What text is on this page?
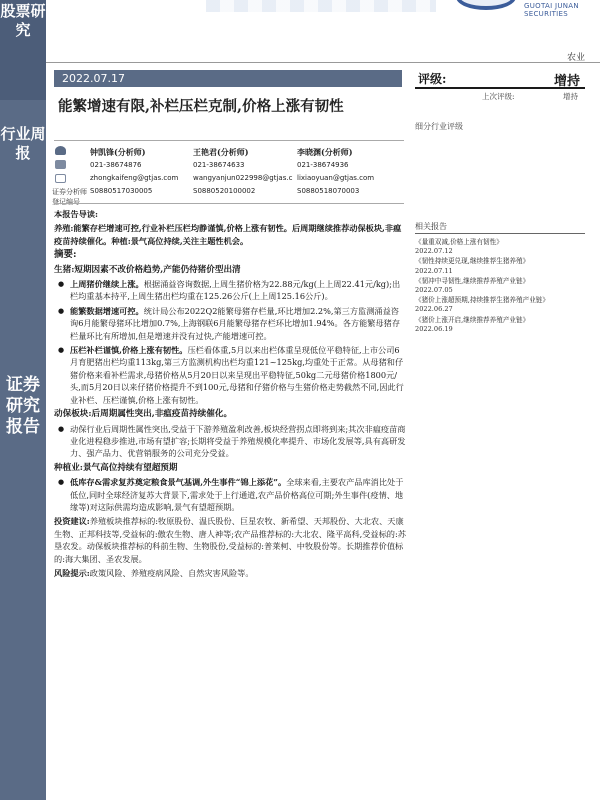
股票研究
行业周报
证券研究报告
GUOTAI JUNAN SECURITIES
农业
2022.07.17
能繁增速有限,补栏压栏克制,价格上涨有韧性
评级:	增持
上次评级:	增持
细分行业评级
证券分析师
登记编号
钟凯锋(分析师)
021-38674876
zhongkaifeng@gtjas.com
S0880517030005
王艳君(分析师)
021-38674633
wangyanjun022998@gtjas.c
S0880520100002
李晓渊(分析师)
021-38674936
lixiaoyuan@gtjas.com
S0880518070003

本报告导读:

养殖:能繁存栏增速可控,行业补栏压栏均静谨慎,价格上涨有韧性。后周期继续推荐动保板块,非瘟疫苗持续催化。种植:景气高位持续,关注主题性机会。

摘要:

生猪:短期因素不改价格趋势,产能仍待猪价型出清

● 上周猪价继续上涨。根据涌益咨询数据,上周生猪价格为22.88元/kg(上上周22.41元/kg);出栏均重基本持平,上周生猪出栏均重在125.26公斤(上上周125.16公斤)。
● 能繁数据增速可控。统计局公布2022Q2能繁母猪存栏量,环比增加2.2%,第三方监测涌益咨询6月能繁母猪环比增加0.7%,上海钢联6月能繁母猪存栏环比增加1.94%。各方能繁母猪存栏量环比有所增加,但是增速并没有过快,产能增速可控。
● 压栏补栏谨慎,价格上涨有韧性。压栏看体重,5月以来出栏体重呈现低位平稳特征,上市公司6月育肥猪出栏均重113kg,第三方监测机构出栏均重121~125kg,均重处于正常。从母猪和仔猪价格来看补栏需求,母猪价格从5月20日以来呈现出平稳特征,50kg二元母猪价格1800元/头,而5月20日以来仔猪价格提升不到100元,母猪和仔猪价格与生猪价格走势截然不同,因此行业补栏、压栏谨慎,价格上涨有韧性。

动保板块:后周期属性突出,非瘟疫苗持续催化。

● 动保行业后周期性属性突出,受益于下游养殖盈利改善,板块经营拐点即将到来;其次非瘟疫苗商业化进程稳步推进,市场有望扩容;长期将受益于养殖规模化率提升、市场化发展等,具有高研发力、强产品力、优营销服务的公司充分受益。

种植业:景气高位持续有望超预期

● 低库存&需求复苏奠定粮食景气基调,外生事件“锦上添花”。全球来看,主要农产品库消比处于低位,同时全球经济复苏大背景下,需求处于上行通道,农产品价格高位可期;外生事件(疫情、地缘等)对这际供需均造成影响,景气有望超预期。

投资建议:养殖板块推荐标的:牧原股份、温氏股份、巨星农牧、新希望、天邦股份、大北农、天康生物、正邦科技等,受益标的:傲农生物、唐人神等;农产品推荐标的:大北农、隆平高科,受益标的:苏垦农发。动保板块推荐标的科前生物、生物股份,受益标的:普莱柯、中牧股份等。长期推荐价值标的:海大集团、圣农发展。

风险提示:政策风险、养殖疫病风险、自然灾害风险等。

相关报告
《量重双减,价格上涨有韧性》
2022.07.12
《韧性持续更兑现,继续推荐生猪养殖》
2022.07.11
《韧冲中寻韧性,继续推荐养殖产业链》
2022.07.05
《猪价上涨超预期,持续推荐生猪养殖产业链》
2022.06.27
《猪价上涨开启,继续推荐养殖产业链》
2022.06.19
